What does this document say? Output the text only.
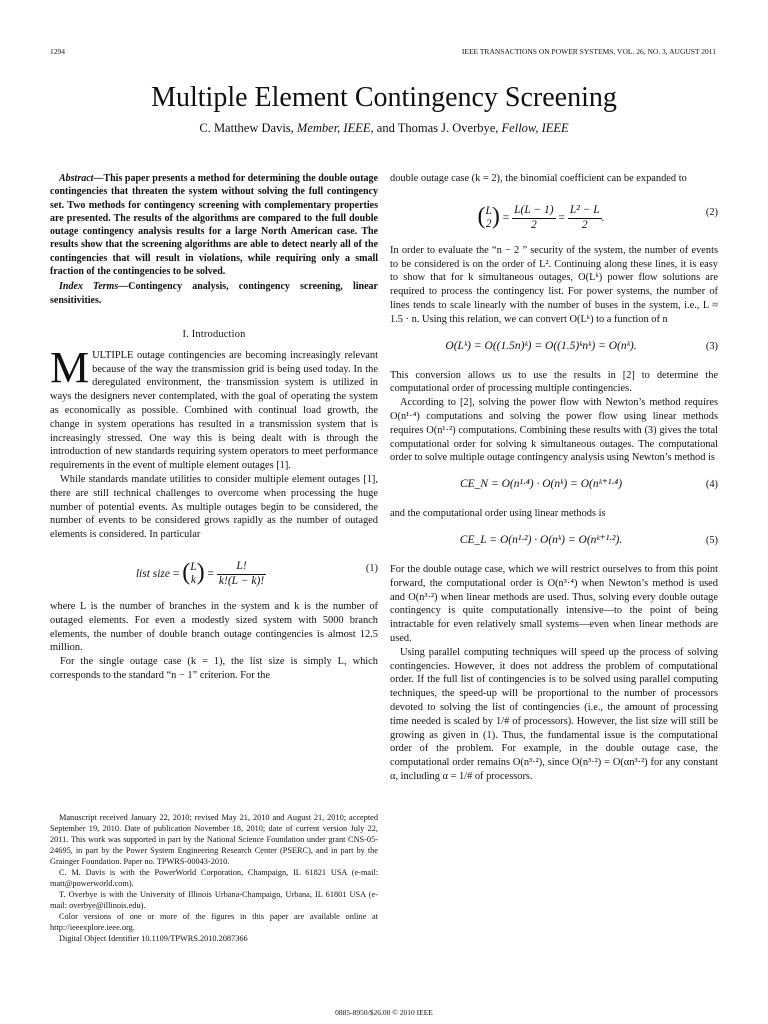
1294	IEEE TRANSACTIONS ON POWER SYSTEMS, VOL. 26, NO. 3, AUGUST 2011
Multiple Element Contingency Screening
C. Matthew Davis, Member, IEEE, and Thomas J. Overbye, Fellow, IEEE

Abstract—This paper presents a method for determining the double outage contingencies that threaten the system without solving the full contingency set. Two methods for contingency screening with complementary properties are presented. The results of the algorithms are compared to the full double outage contingency analysis results for a large North American case. The results show that the screening algorithms are able to detect nearly all of the contingencies that will result in violations, while requiring only a small fraction of the contingencies to be solved.

Index Terms—Contingency analysis, contingency screening, linear sensitivities.

I. Introduction

MULTIPLE outage contingencies are becoming increasingly relevant because of the way the transmission grid is being used today. In the deregulated environment, the transmission system is utilized in ways the designers never contemplated, with the goal of operating the system as economically as possible. Combined with continual load growth, the change in system operations has resulted in a transmission system that is increasingly stressed. One way this is being dealt with is through the introduction of new standards requiring system operators to meet performance requirements in the event of multiple element outages [1].

While standards mandate utilities to consider multiple element outages [1], there are still technical challenges to overcome when processing the huge number of potential events. As multiple outages begin to be considered, the number of events to be considered grows rapidly as the number of outaged elements is considered. In particular

list size = (L
$k) = \frac{L!}{k!(L - k)!}$	(1)

where L is the number of branches in the system and k is the number of outaged elements. For even a modestly sized system with 5000 branch elements, the number of double branch outage contingencies is almost 12.5 million.

For the single outage case (k = 1), the list size is simply L, which corresponds to the standard “n − 1” criterion. For the

Manuscript received January 22, 2010; revised May 21, 2010 and August 21, 2010; accepted September 19, 2010. Date of publication November 18, 2010; date of current version July 22, 2011. This work was supported in part by the National Science Foundation under grant CNS-05-24695, in part by the Power System Engineering Research Center (PSERC), and in part by the Grainger Foundation. Paper no. TPWRS-00043-2010.

C. M. Davis is with the PowerWorld Corporation, Champaign, IL 61821 USA (e-mail: matt@powerworld.com).

T. Overbye is with the University of Illinois Urbana-Champaign, Urbana, IL 61801 USA (e-mail: overbye@illinois.edu).

Color versions of one or more of the figures in this paper are available online at http://ieeexplore.ieee.org.

Digital Object Identifier 10.1109/TPWRS.2010.2087366

double outage case (k = 2), the binomial coefficient can be expanded to

(L
$2) = \frac{L(L - 1)}{2} = \frac{\text{L² − L}}{2}$ .	(2)

In order to evaluate the “n − 2 ” security of the system, the number of events to be considered is on the order of L². Continuing along these lines, it is easy to show that for k simultaneous outages, O(Lᵏ) power flow solutions are required to process the contingency list. For power systems, the number of lines tends to scale linearly with the number of buses in the system, i.e., L ≈ 1.5 · n. Using this relation, we can convert O(Lᵏ) to a function of n

O(Lᵏ) = O((1.5n)ᵏ) = O((1.5)ᵏnᵏ) = O(nᵏ).	(3)

This conversion allows us to use the results in [2] to determine the computational order of processing multiple contingencies.

According to [2], solving the power flow with Newton’s method requires O(n¹·⁴) computations and solving the power flow using linear methods requires O(n¹·²) computations. Combining these results with (3) gives the total computational order for solving k simultaneous outages. The computational order to solve multiple outage contingency analysis using Newton’s method is

CE_N = O(n¹·⁴) · O(nᵏ) = O(nᵏ⁺¹·⁴)	(4)

and the computational order using linear methods is

CE_L = O(n¹·²) · O(nᵏ) = O(nᵏ⁺¹·²).	(5)

For the double outage case, which we will restrict ourselves to from this point forward, the computational order is O(n³·⁴) when Newton’s method is used and O(n³·²) when linear methods are used. Thus, solving every double outage contingency is quite computationally intensive—to the point of being intractable for even relatively small systems—even when linear methods are used.

Using parallel computing techniques will speed up the process of solving contingencies. However, it does not address the problem of computational order. If the full list of contingencies is to be solved using parallel computing techniques, the speed-up will be proportional to the number of processors devoted to solving the list of contingencies (i.e., the amount of processing time needed is scaled by 1/# of processors). However, the list size will still be growing as given in (1). Thus, the fundamental issue is the computational order of the problem. For example, in the double outage case, the computational order remains O(n³·²), since O(n³·²) = O(αn³·²) for any constant α, including α = 1/# of processors.

0885-8950/$26.00 © 2010 IEEE
